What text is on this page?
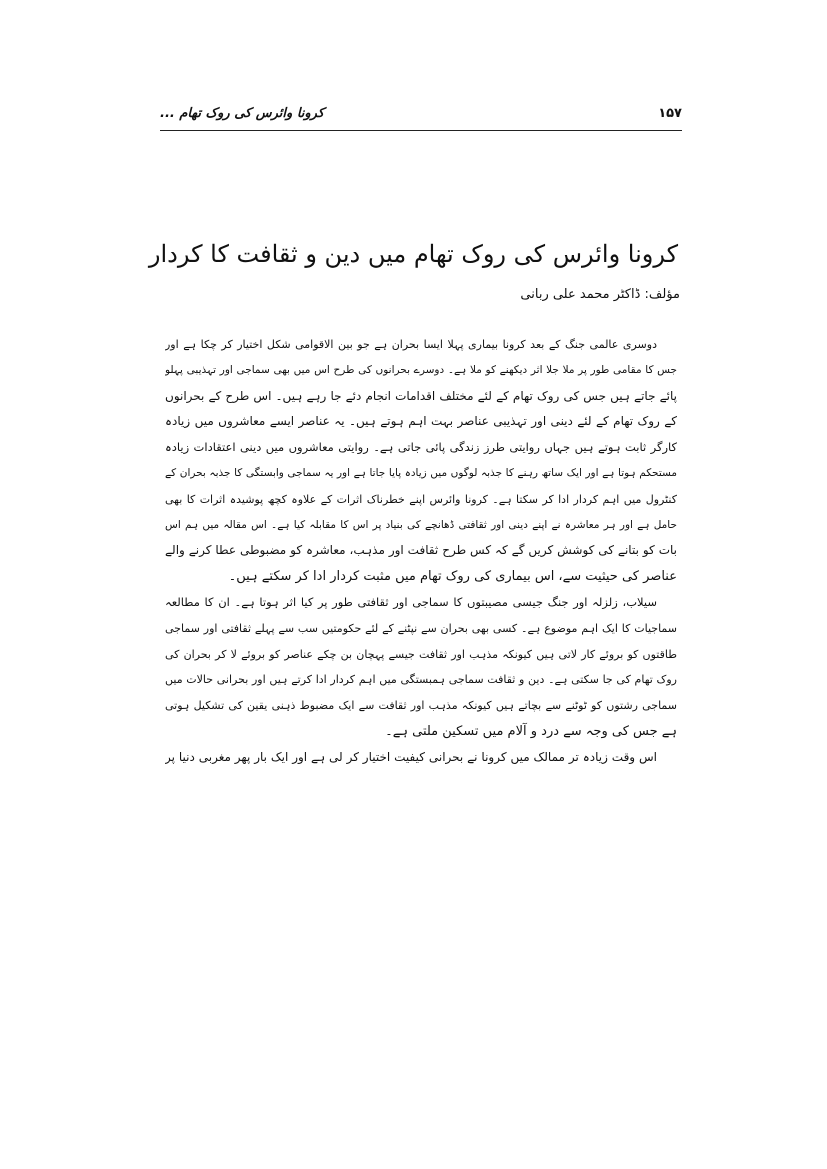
۱۵۷
کرونا وائرس کی روک تھام ...
کرونا وائرس کی روک تھام میں دین و ثقافت کا کردار
مؤلف: ڈاکٹر محمد علی ربانی
دوسری عالمی جنگ کے بعد کرونا بیماری پہلا ایسا بحران ہے جو بین الاقوامی شکل اختیار کر چکا ہے اور
جس کا مقامی طور پر ملا جلا اثر دیکھنے کو ملا ہے۔ دوسرے بحرانوں کی طرح اس میں بھی سماجی اور تہذیبی پہلو
پائے جاتے ہیں جس کی روک تھام کے لئے مختلف اقدامات انجام دئے جا رہے ہیں۔ اس طرح کے بحرانوں
کے روک تھام کے لئے دینی اور تہذیبی عناصر بہت اہم ہوتے ہیں۔ یہ عناصر ایسے معاشروں میں زیادہ
کارگر ثابت ہوتے ہیں جہاں روایتی طرز زندگی پائی جاتی ہے۔ روایتی معاشروں میں دینی اعتقادات زیادہ
مستحکم ہوتا ہے اور ایک ساتھ رہنے کا جذبہ لوگوں میں زیادہ پایا جاتا ہے اور یہ سماجی وابستگی کا جذبہ بحران کے
کنٹرول میں اہم کردار ادا کر سکتا ہے۔ کرونا وائرس اپنے خطرناک اثرات کے علاوہ کچھ پوشیدہ اثرات کا بھی
حامل ہے اور ہر معاشرہ نے اپنے دینی اور ثقافتی ڈھانچے کی بنیاد پر اس کا مقابلہ کیا ہے۔ اس مقالہ میں ہم اس
بات کو بتانے کی کوشش کریں گے کہ کس طرح ثقافت اور مذہب، معاشرہ کو مضبوطی عطا کرنے والے
عناصر کی حیثیت سے، اس بیماری کی روک تھام میں مثبت کردار ادا کر سکتے ہیں۔
سیلاب، زلزلہ اور جنگ جیسی مصیبتوں کا سماجی اور ثقافتی طور پر کیا اثر ہوتا ہے۔ ان کا مطالعہ
سماجیات کا ایک اہم موضوع ہے۔ کسی بھی بحران سے نپٹنے کے لئے حکومتیں سب سے پہلے ثقافتی اور سماجی
طاقتوں کو بروئے کار لاتی ہیں کیونکہ مذہب اور ثقافت جیسے پہچان بن چکے عناصر کو بروئے لا کر بحران کی
روک تھام کی جا سکتی ہے۔ دین و ثقافت سماجی ہمبستگی میں اہم کردار ادا کرتے ہیں اور بحرانی حالات میں
سماجی رشتوں کو ٹوٹنے سے بچاتے ہیں کیونکہ مذہب اور ثقافت سے ایک مضبوط ذہنی یقین کی تشکیل ہوتی
ہے جس کی وجہ سے درد و آلام میں تسکین ملتی ہے۔
اس وقت زیادہ تر ممالک میں کرونا نے بحرانی کیفیت اختیار کر لی ہے اور ایک بار پھر مغربی دنیا پر
